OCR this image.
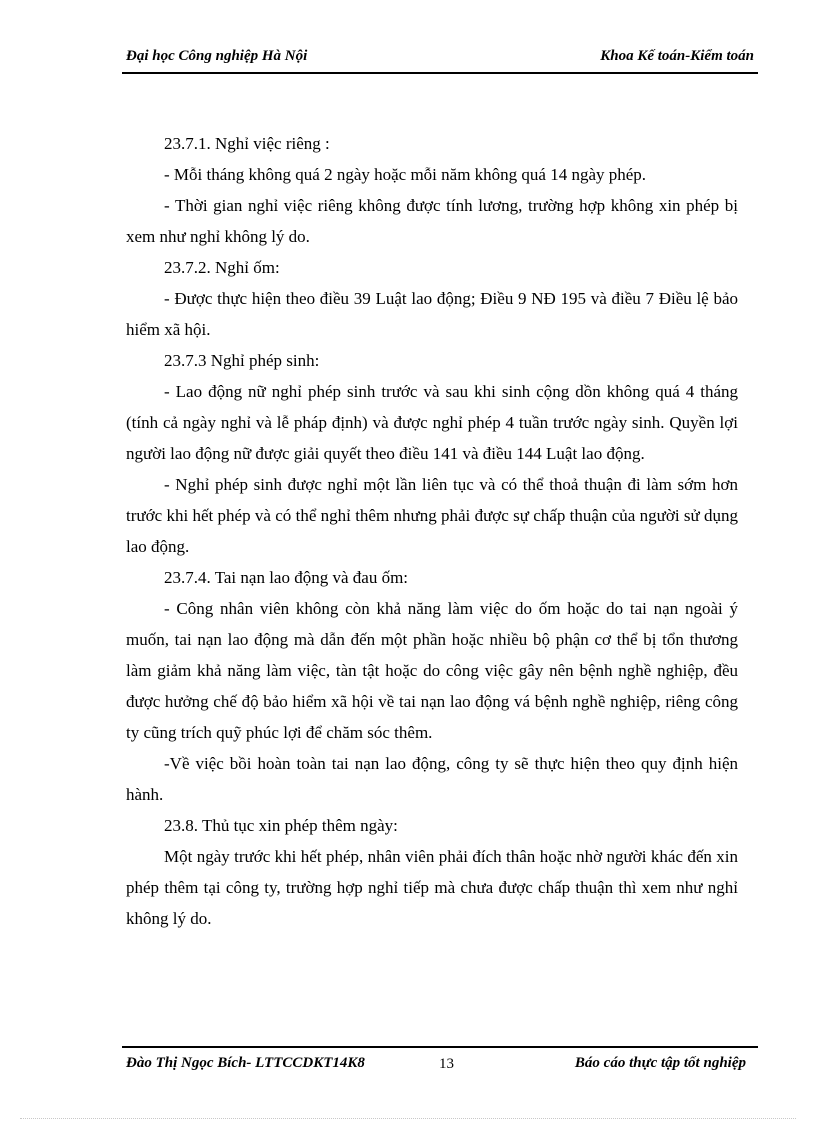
Đại học Công nghiệp Hà Nội	Khoa Kế toán-Kiểm toán

23.7.1. Nghỉ việc riêng :

- Mỗi tháng không quá 2 ngày hoặc mỗi năm không quá 14 ngày phép.

- Thời gian nghỉ việc riêng không được tính lương, trường hợp không xin phép bị xem như nghỉ không lý do.

23.7.2. Nghỉ ốm:

- Được thực hiện theo điều 39 Luật lao động; Điều 9 NĐ 195 và điều 7 Điều lệ bảo hiểm xã hội.

23.7.3 Nghỉ phép sinh:

- Lao động nữ nghỉ phép sinh trước và sau khi sinh cộng dồn không quá 4 tháng (tính cả ngày nghỉ và lễ pháp định) và được nghỉ phép 4 tuần trước ngày sinh. Quyền lợi người lao động nữ được giải quyết theo điều 141 và điều 144 Luật lao động.

- Nghỉ phép sinh được nghỉ một lần liên tục và có thể thoả thuận đi làm sớm hơn trước khi hết phép và có thể nghỉ thêm nhưng phải được sự chấp thuận của người sử dụng lao động.

23.7.4. Tai nạn lao động và đau ốm:

- Công nhân viên không còn khả năng làm việc do ốm hoặc do tai nạn ngoài ý muốn, tai nạn lao động mà dẫn đến một phần hoặc nhiều bộ phận cơ thể bị tổn thương làm giảm khả năng làm việc, tàn tật hoặc do công việc gây nên bệnh nghề nghiệp, đều được hưởng chế độ bảo hiểm xã hội về tai nạn lao động vá bệnh nghề nghiệp, riêng công ty cũng trích quỹ phúc lợi để chăm sóc thêm.

-Về việc bồi hoàn toàn tai nạn lao động, công ty sẽ thực hiện theo quy định hiện hành.

23.8. Thủ tục xin phép thêm ngày:

Một ngày trước khi hết phép, nhân viên phải đích thân hoặc nhờ người khác đến xin phép thêm tại công ty, trường hợp nghỉ tiếp mà chưa được chấp thuận thì xem như nghỉ không lý do.

Đào Thị Ngọc Bích- LTTCCDKT14K8	13	Báo cáo thực tập tốt nghiệp
